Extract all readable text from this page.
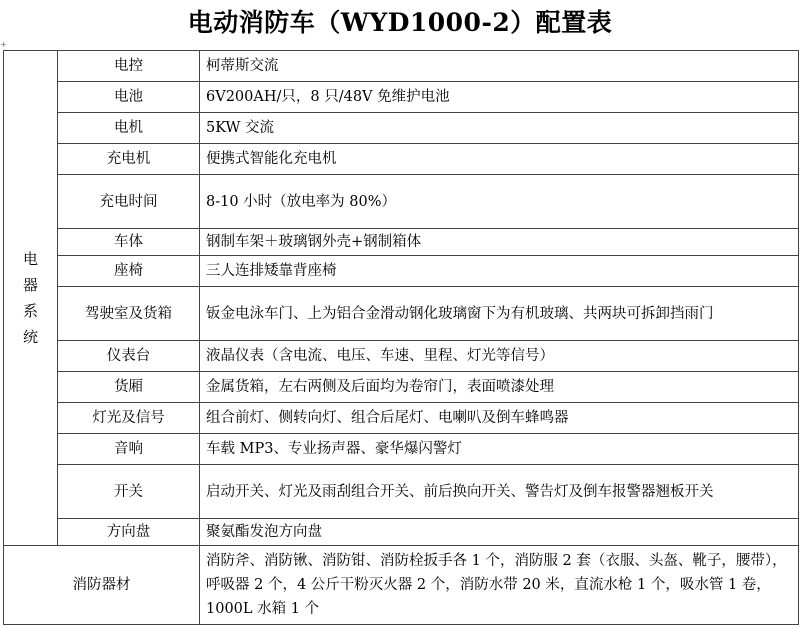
电动消防车（WYD1000-2）配置表
+
电器系统	电控	柯蒂斯交流
	电池	6V200AH/只，8 只/48V 免维护电池
	电机	5KW 交流
	充电机	便携式智能化充电机
	充电时间	8-10 小时（放电率为 80%）
	车体	钢制车架＋玻璃钢外壳+钢制箱体
	座椅	三人连排矮靠背座椅
	驾驶室及货箱	钣金电泳车门、上为铝合金滑动钢化玻璃窗下为有机玻璃、共两块可拆卸挡雨门
	仪表台	液晶仪表（含电流、电压、车速、里程、灯光等信号）
	货厢	金属货箱，左右两侧及后面均为卷帘门，表面喷漆处理
	灯光及信号	组合前灯、侧转向灯、组合后尾灯、电喇叭及倒车蜂鸣器
	音响	车载 MP3、专业扬声器、豪华爆闪警灯
	开关	启动开关、灯光及雨刮组合开关、前后换向开关、警告灯及倒车报警器翘板开关
	方向盘	聚氨酯发泡方向盘
消防器材		消防斧、消防锹、消防钳、消防栓扳手各 1 个，消防服 2 套（衣服、头盔、靴子，腰带），呼吸器 2 个，4 公斤干粉灭火器 2 个，消防水带 20 米，直流水枪 1 个，吸水管 1 卷，1000L 水箱 1 个
